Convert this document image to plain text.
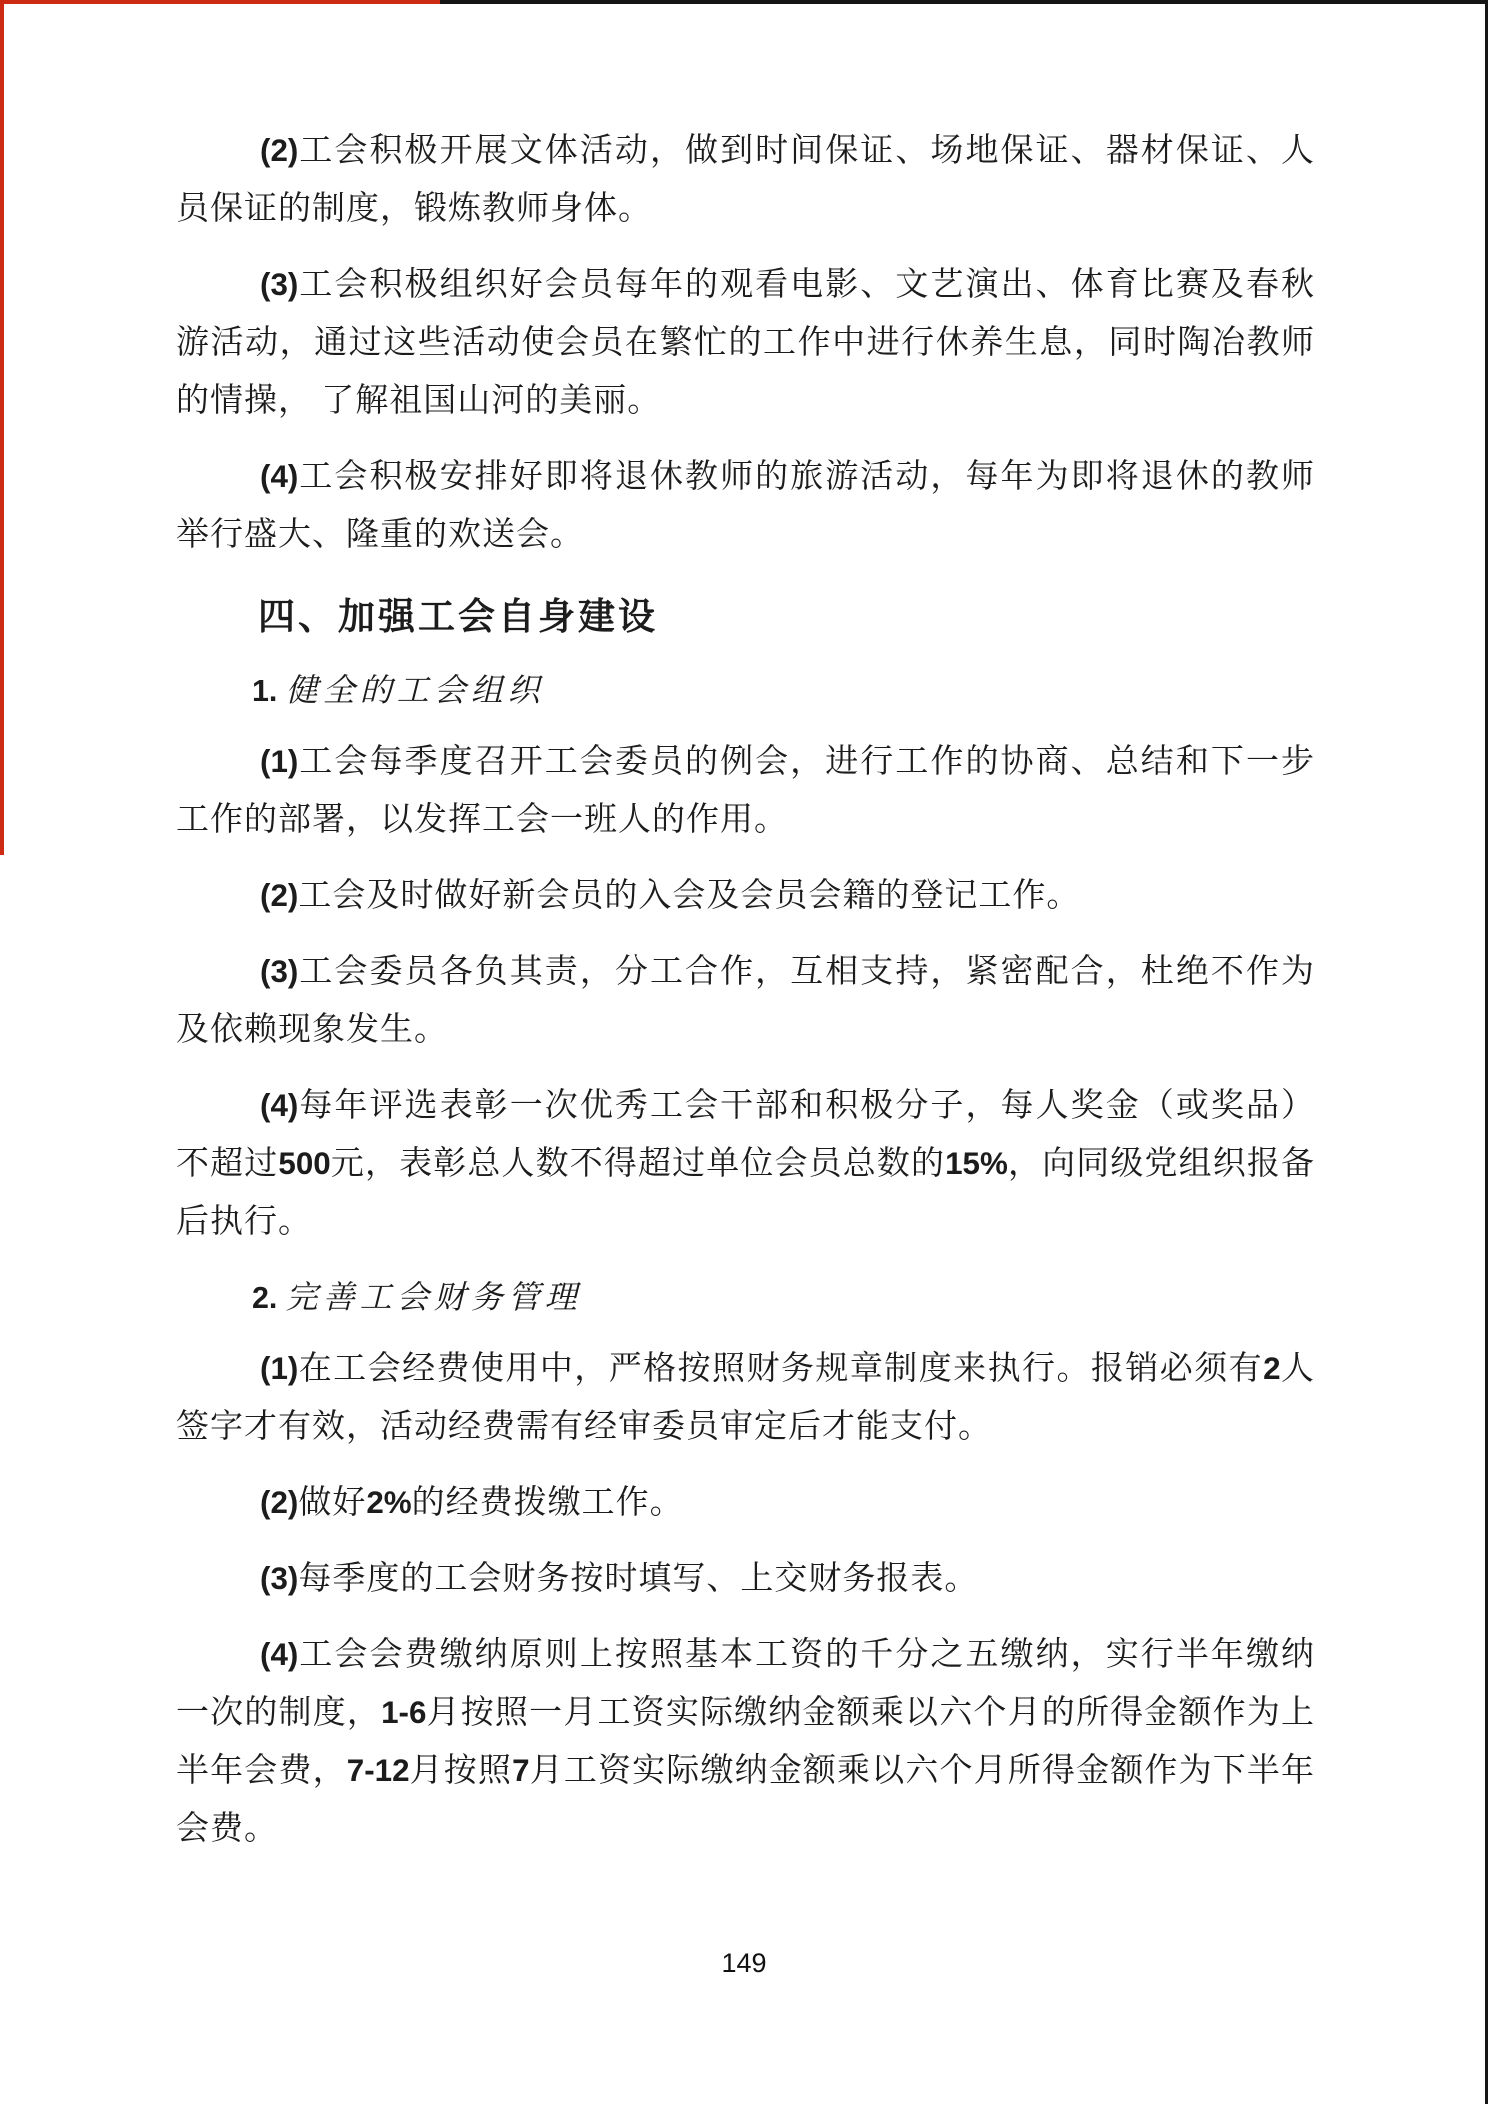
(2)工会积极开展文体活动，做到时间保证、场地保证、器材保证、人员保证的制度，锻炼教师身体。

(3)工会积极组织好会员每年的观看电影、文艺演出、体育比赛及春秋游活动，通过这些活动使会员在繁忙的工作中进行休养生息，同时陶冶教师的情操， 了解祖国山河的美丽。

(4)工会积极安排好即将退休教师的旅游活动，每年为即将退休的教师举行盛大、隆重的欢送会。

四、加强工会自身建设

1. 健全的工会组织

(1)工会每季度召开工会委员的例会，进行工作的协商、总结和下一步工作的部署，以发挥工会一班人的作用。

(2)工会及时做好新会员的入会及会员会籍的登记工作。

(3)工会委员各负其责，分工合作，互相支持，紧密配合，杜绝不作为及依赖现象发生。

(4)每年评选表彰一次优秀工会干部和积极分子，每人奖金（或奖品）不超过500元，表彰总人数不得超过单位会员总数的15%，向同级党组织报备后执行。

2. 完善工会财务管理

(1)在工会经费使用中，严格按照财务规章制度来执行。报销必须有2人签字才有效，活动经费需有经审委员审定后才能支付。

(2)做好2%的经费拨缴工作。

(3)每季度的工会财务按时填写、上交财务报表。

(4)工会会费缴纳原则上按照基本工资的千分之五缴纳，实行半年缴纳一次的制度，1-6月按照一月工资实际缴纳金额乘以六个月的所得金额作为上半年会费，7-12月按照7月工资实际缴纳金额乘以六个月所得金额作为下半年会费。

149
